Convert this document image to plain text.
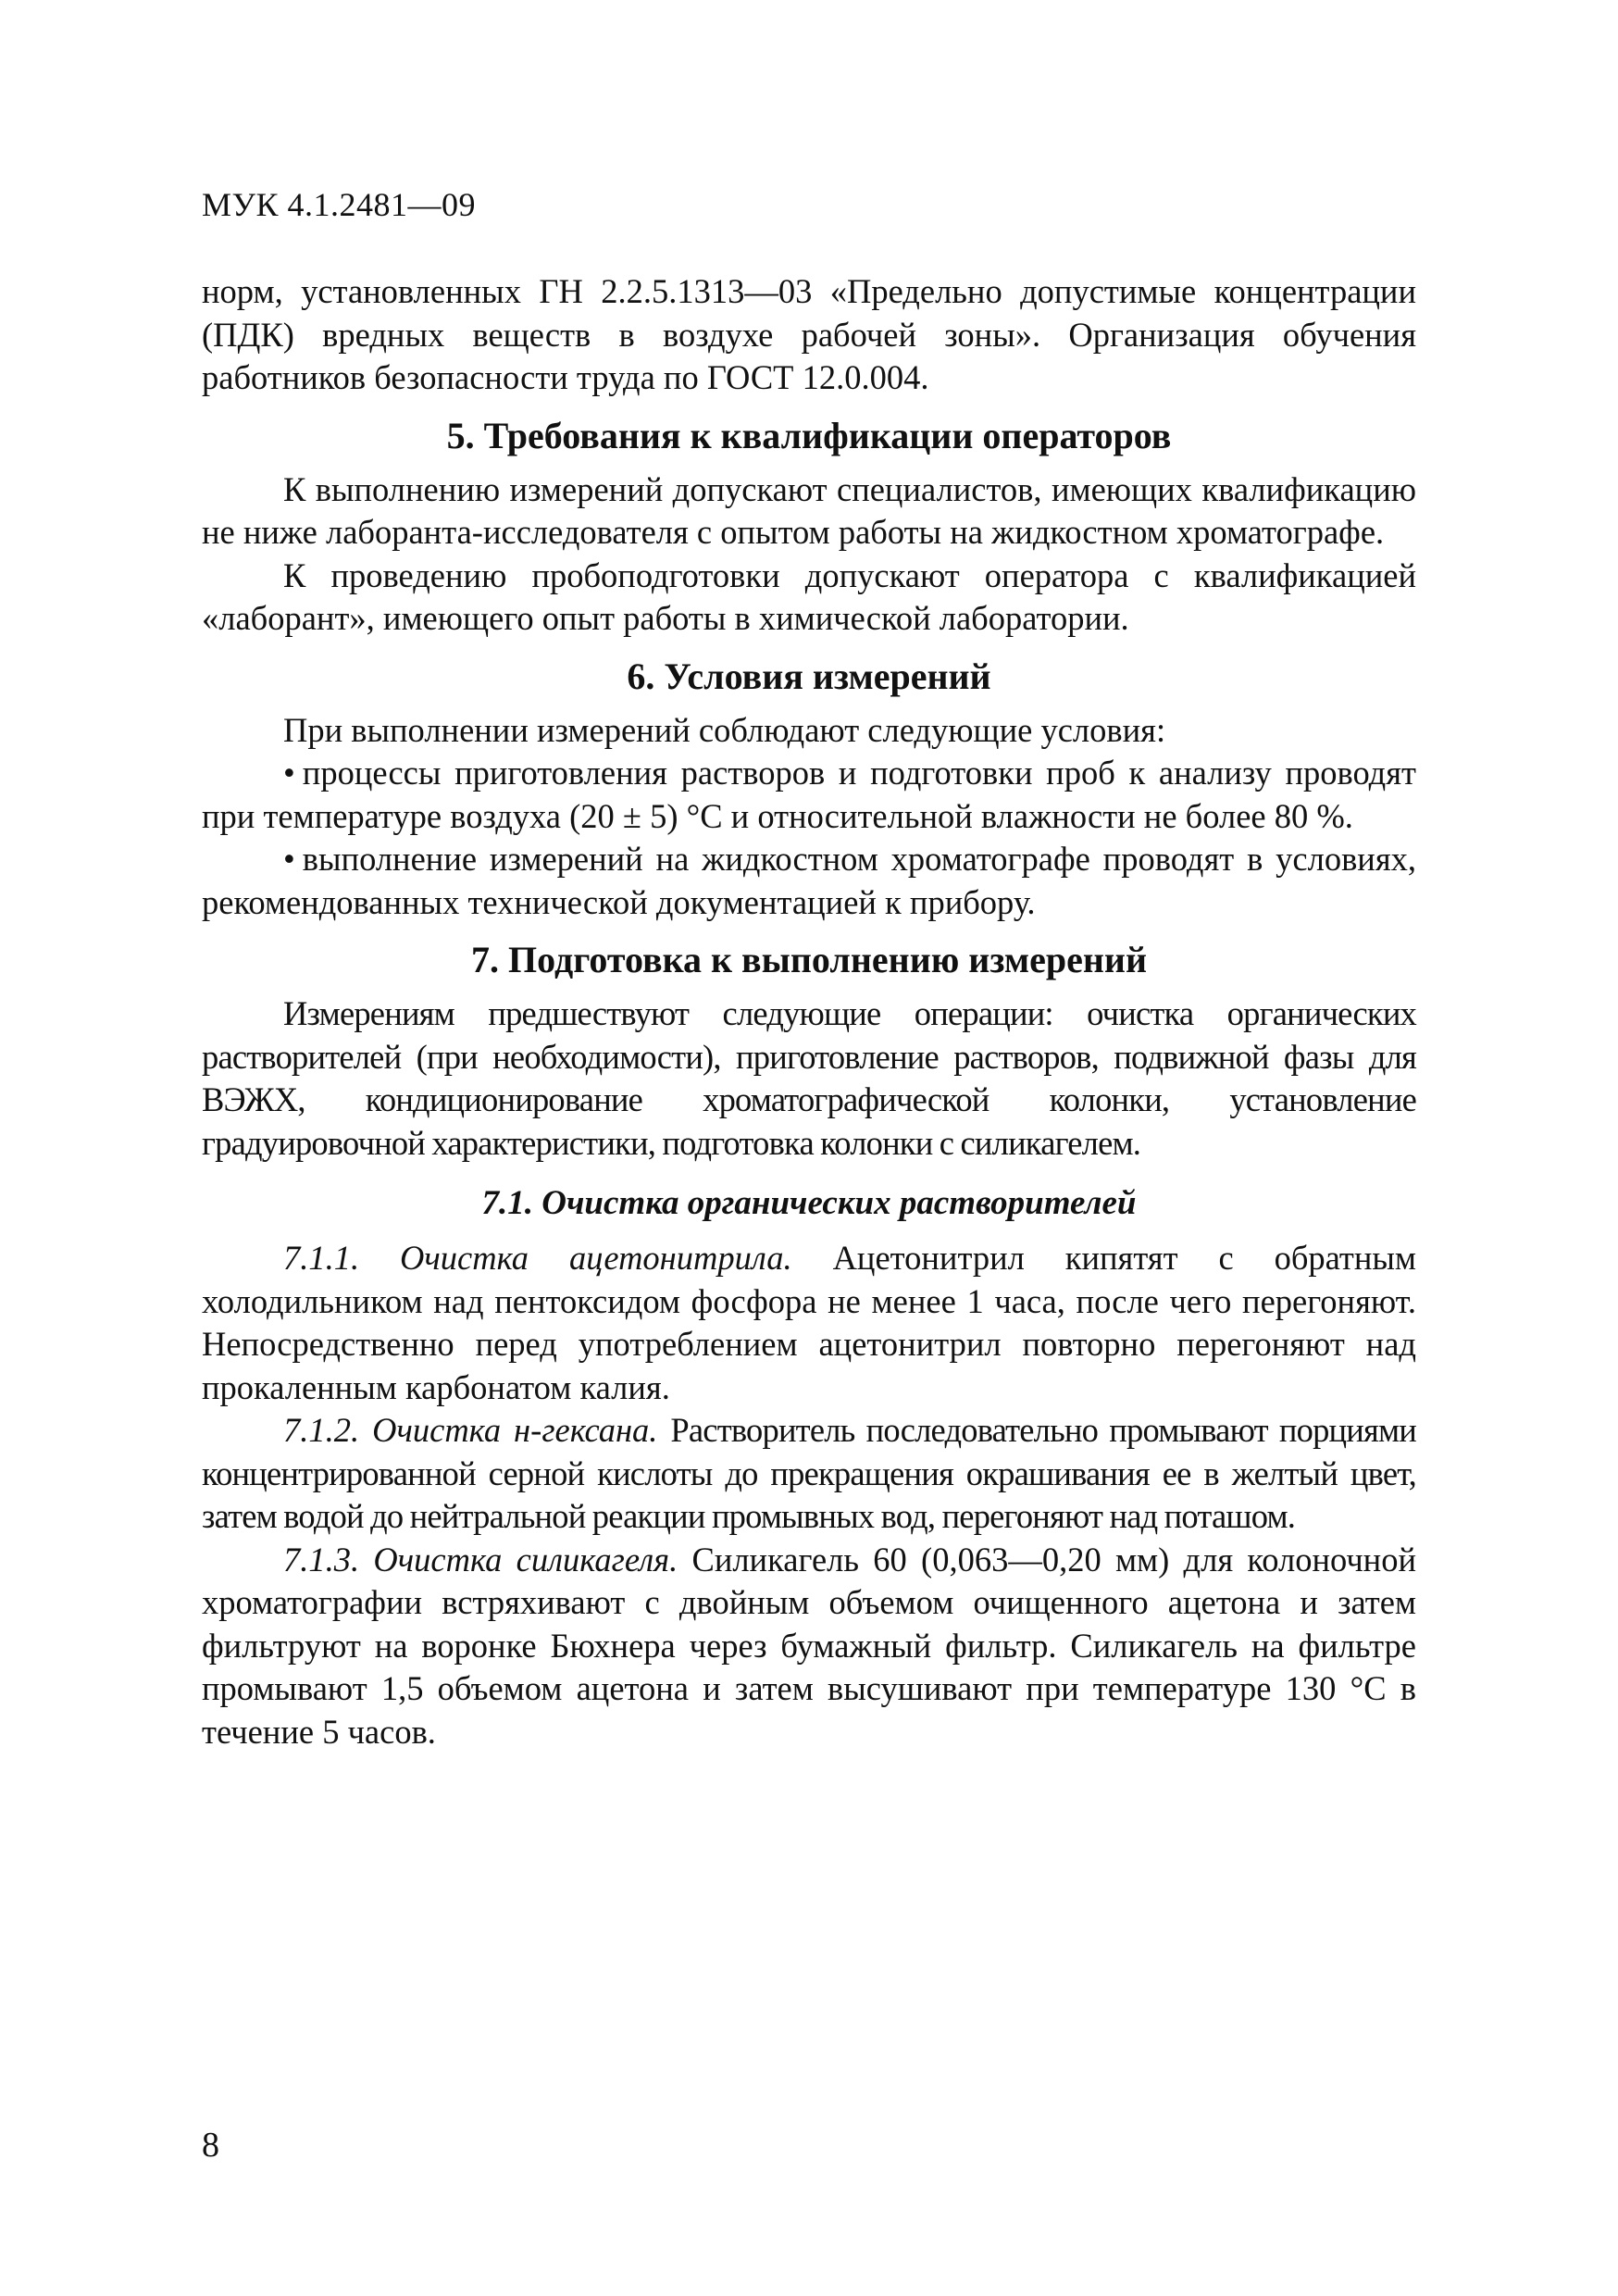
МУК 4.1.2481—09

норм, установленных ГН 2.2.5.1313—03 «Предельно допустимые концентрации (ПДК) вредных веществ в воздухе рабочей зоны». Организация обучения работников безопасности труда по ГОСТ 12.0.004.

5. Требования к квалификации операторов

К выполнению измерений допускают специалистов, имеющих квалификацию не ниже лаборанта-исследователя с опытом работы на жидкостном хроматографе.

К проведению пробоподготовки допускают оператора с квалификацией «лаборант», имеющего опыт работы в химической лаборатории.

6. Условия измерений

При выполнении измерений соблюдают следующие условия:

• процессы приготовления растворов и подготовки проб к анализу проводят при температуре воздуха (20 ± 5) °С и относительной влажности не более 80 %.

• выполнение измерений на жидкостном хроматографе проводят в условиях, рекомендованных технической документацией к прибору.

7. Подготовка к выполнению измерений

Измерениям предшествуют следующие операции: очистка органических растворителей (при необходимости), приготовление растворов, подвижной фазы для ВЭЖХ, кондиционирование хроматографической колонки, установление градуировочной характеристики, подготовка колонки с силикагелем.

7.1. Очистка органических растворителей

7.1.1. Очистка ацетонитрила. Ацетонитрил кипятят с обратным холодильником над пентоксидом фосфора не менее 1 часа, после чего перегоняют. Непосредственно перед употреблением ацетонитрил повторно перегоняют над прокаленным карбонатом калия.

7.1.2. Очистка н-гексана. Растворитель последовательно промывают порциями концентрированной серной кислоты до прекращения окрашивания ее в желтый цвет, затем водой до нейтральной реакции промывных вод, перегоняют над поташом.

7.1.3. Очистка силикагеля. Силикагель 60 (0,063—0,20 мм) для колоночной хроматографии встряхивают с двойным объемом очищенного ацетона и затем фильтруют на воронке Бюхнера через бумажный фильтр. Силикагель на фильтре промывают 1,5 объемом ацетона и затем высушивают при температуре 130 °С в течение 5 часов.

8
